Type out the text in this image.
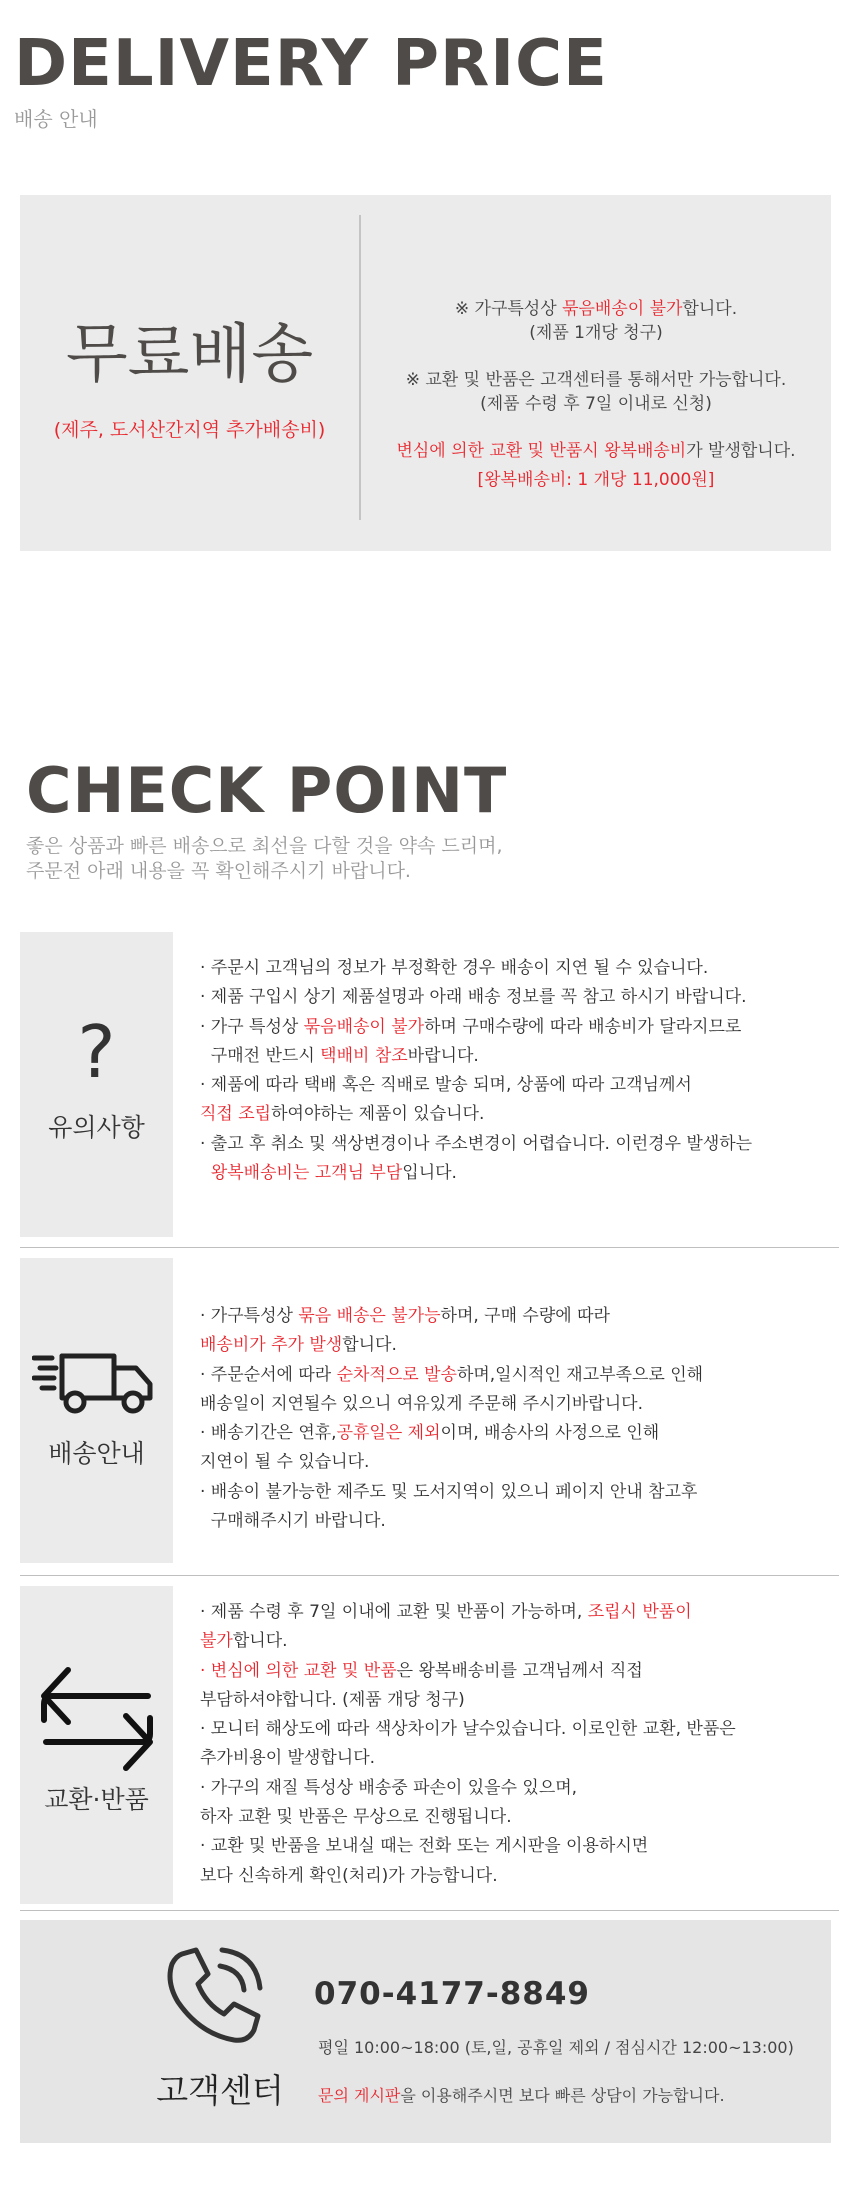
DELIVERY PRICE
배송 안내
무료배송
(제주, 도서산간지역 추가배송비)
※ 가구특성상 묶음배송이 불가합니다.
(제품 1개당 청구)
※ 교환 및 반품은 고객센터를 통해서만 가능합니다.
(제품 수령 후 7일 이내로 신청)
변심에 의한 교환 및 반품시 왕복배송비가 발생합니다.
[왕복배송비: 1 개당 11,000원]
CHECK POINT
좋은 상품과 빠른 배송으로 최선을 다할 것을 약속 드리며,
주문전 아래 내용을 꼭 확인해주시기 바랍니다.
?
유의사항

· 주문시 고객님의 정보가 부정확한 경우 배송이 지연 될 수 있습니다.

· 제품 구입시 상기 제품설명과 아래 배송 정보를 꼭 참고 하시기 바랍니다.

· 가구 특성상 묶음배송이 불가하며 구매수량에 따라 배송비가 달라지므로

구매전 반드시 택배비 참조바랍니다.

· 제품에 따라 택배 혹은 직배로 발송 되며, 상품에 따라 고객님께서

직접 조립하여야하는 제품이 있습니다.

· 출고 후 취소 및 색상변경이나 주소변경이 어렵습니다. 이런경우 발생하는

왕복배송비는 고객님 부담입니다.

배송안내

· 가구특성상 묶음 배송은 불가능하며, 구매 수량에 따라

배송비가 추가 발생합니다.

· 주문순서에 따라 순차적으로 발송하며,일시적인 재고부족으로 인해

배송일이 지연될수 있으니 여유있게 주문해 주시기바랍니다.

· 배송기간은 연휴,공휴일은 제외이며, 배송사의 사정으로 인해

지연이 될 수 있습니다.

· 배송이 불가능한 제주도 및 도서지역이 있으니 페이지 안내 참고후

구매해주시기 바랍니다.

교환·반품

· 제품 수령 후 7일 이내에 교환 및 반품이 가능하며, 조립시 반품이

불가합니다.

· 변심에 의한 교환 및 반품은 왕복배송비를 고객님께서 직접

부담하셔야합니다. (제품 개당 청구)

· 모니터 해상도에 따라 색상차이가 날수있습니다. 이로인한 교환, 반품은

추가비용이 발생합니다.

· 가구의 재질 특성상 배송중 파손이 있을수 있으며,

하자 교환 및 반품은 무상으로 진행됩니다.

· 교환 및 반품을 보내실 때는 전화 또는 게시판을 이용하시면

보다 신속하게 확인(처리)가 가능합니다.

고객센터
070-4177-8849
평일 10:00~18:00 (토,일, 공휴일 제외 / 점심시간 12:00~13:00)
문의 게시판을 이용해주시면 보다 빠른 상담이 가능합니다.
